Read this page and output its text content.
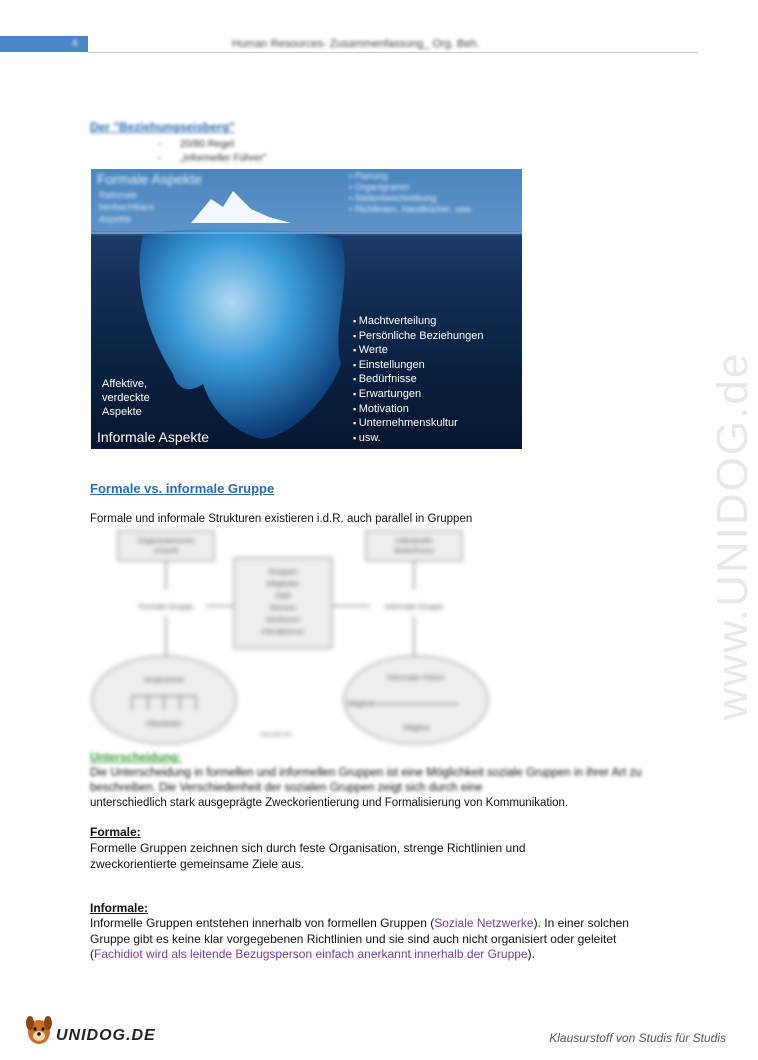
4	Human Resources- Zusammenfassung_ Org. Beh.
Der "Beziehungseisberg"
- 20/80 Regel
- „Informeller Führer"
Formale Aspekte
Rationale
beobachtbare
Aspekte
▪ Planung
▪ Organigramm
▪ Stellenbeschreibung
▪ Richtlinien, Handbücher, usw.
▪ Machtverteilung
▪ Persönliche Beziehungen
▪ Werte
▪ Einstellungen
▪ Bedürfnisse
▪ Erwartungen
▪ Motivation
▪ Unternehmenskultur
▪ usw.
Affektive,
verdeckte
Aspekte
Informale Aspekte
Formale vs. informale Gruppe
Formale und informale Strukturen existieren i.d.R. auch parallel in Gruppen
Organisatorische
Umwelt
Individuelle
Bedürfnisse
Gruppen
Mitglieder
Ziele
Normen
Strukturen
Interaktionen
Formale Gruppe	Informale Gruppe
Vorgesetzter
Mitarbeiter
Informaler Führer
Mitglied
Mitglied
www.wiki.com
Unterscheidung:
Die Unterscheidung in formellen und informellen Gruppen ist eine Möglichkeit soziale Gruppen in ihrer Art zu beschreiben. Die Verschiedenheit der sozialen Gruppen zeigt sich durch eine
unterschiedlich stark ausgeprägte Zweckorientierung und Formalisierung von Kommunikation.
Formale:
Formelle Gruppen zeichnen sich durch feste Organisation, strenge Richtlinien und zweckorientierte gemeinsame Ziele aus.
Informale:
Informelle Gruppen entstehen innerhalb von formellen Gruppen (Soziale Netzwerke). In einer solchen Gruppe gibt es keine klar vorgegebenen Richtlinien und sie sind auch nicht organisiert oder geleitet (Fachidiot wird als leitende Bezugsperson einfach anerkannt innerhalb der Gruppe).
www.UNIDOG.de
UNIDOG.DE	Klausurstoff von Studis für Studis
